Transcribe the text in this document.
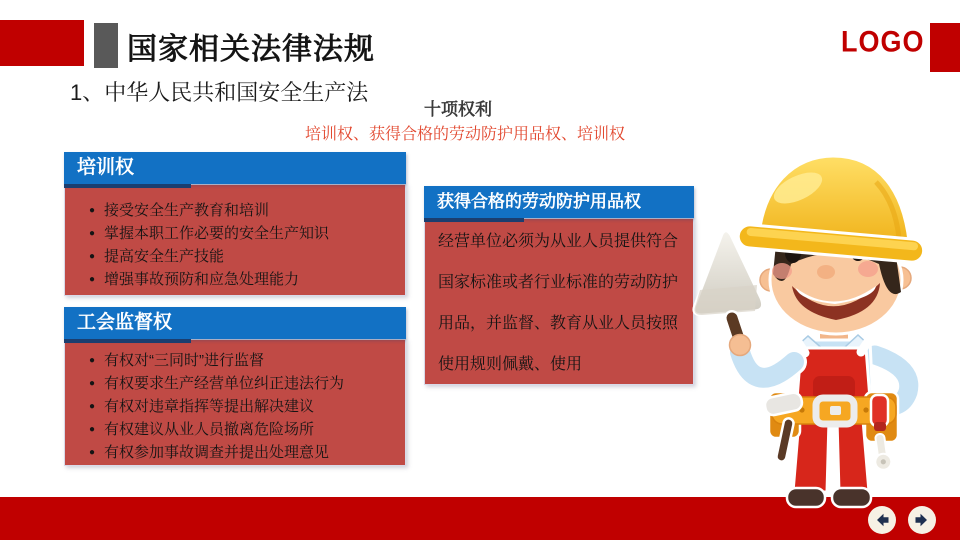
国家相关法律法规	LOGO
1、中华人民共和国安全生产法
十项权利
培训权、获得合格的劳动防护用品权、培训权
培训权
● 接受安全生产教育和培训
● 掌握本职工作必要的安全生产知识
● 提高安全生产技能
● 增强事故预防和应急处理能力
工会监督权
● 有权对“三同时”进行监督
● 有权要求生产经营单位纠正违法行为
● 有权对违章指挥等提出解决建议
● 有权建议从业人员撤离危险场所
● 有权参加事故调查并提出处理意见
获得合格的劳动防护用品权
经营单位必须为从业人员提供符合国家标准或者行业标准的劳动防护用品，并监督、教育从业人员按照使用规则佩戴、使用
